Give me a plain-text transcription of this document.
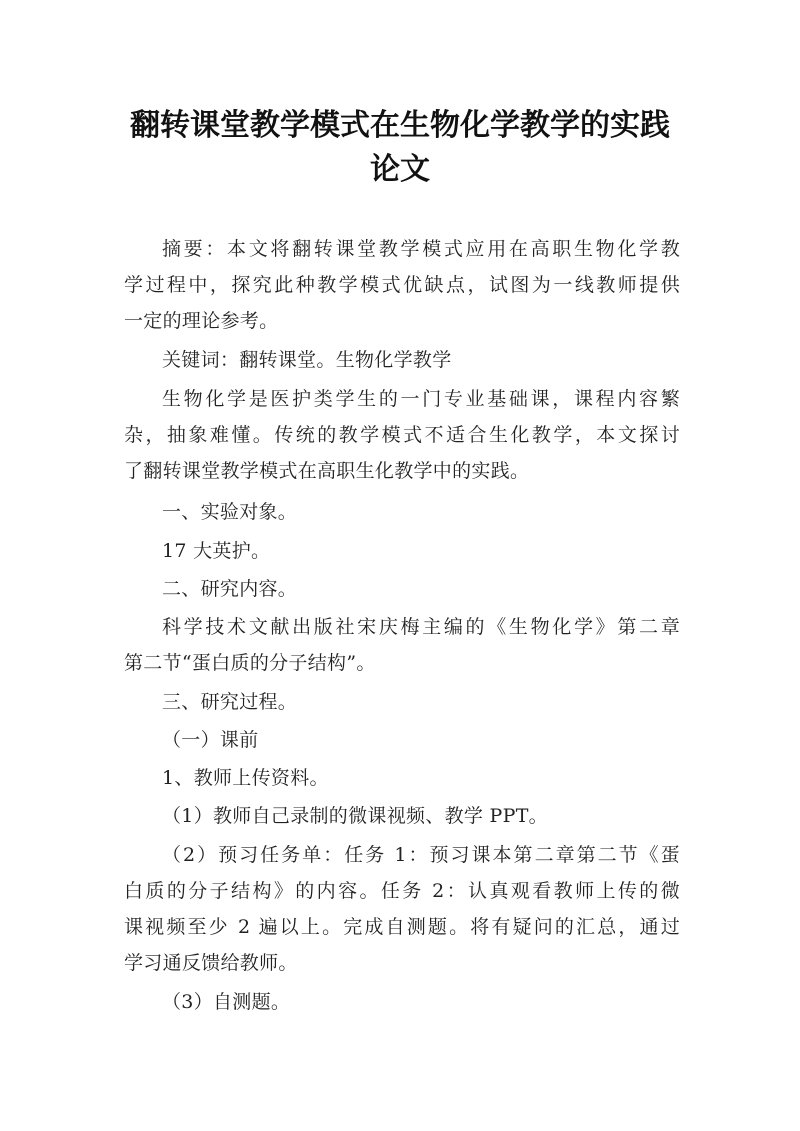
翻转课堂教学模式在生物化学教学的实践
论文
摘要：本文将翻转课堂教学模式应用在高职生物化学教
学过程中，探究此种教学模式优缺点，试图为一线教师提供
一定的理论参考。
关键词：翻转课堂。生物化学教学
生物化学是医护类学生的一门专业基础课，课程内容繁
杂，抽象难懂。传统的教学模式不适合生化教学，本文探讨
了翻转课堂教学模式在高职生化教学中的实践。
一、实验对象。
17 大英护。
二、研究内容。
科学技术文献出版社宋庆梅主编的《生物化学》第二章
第二节“蛋白质的分子结构”。
三、研究过程。
（一）课前
1、教师上传资料。
（1）教师自己录制的微课视频、教学 PPT。
（2）预习任务单：任务 1：预习课本第二章第二节《蛋
白质的分子结构》的内容。任务 2：认真观看教师上传的微
课视频至少 2 遍以上。完成自测题。将有疑问的汇总，通过
学习通反馈给教师。
（3）自测题。
